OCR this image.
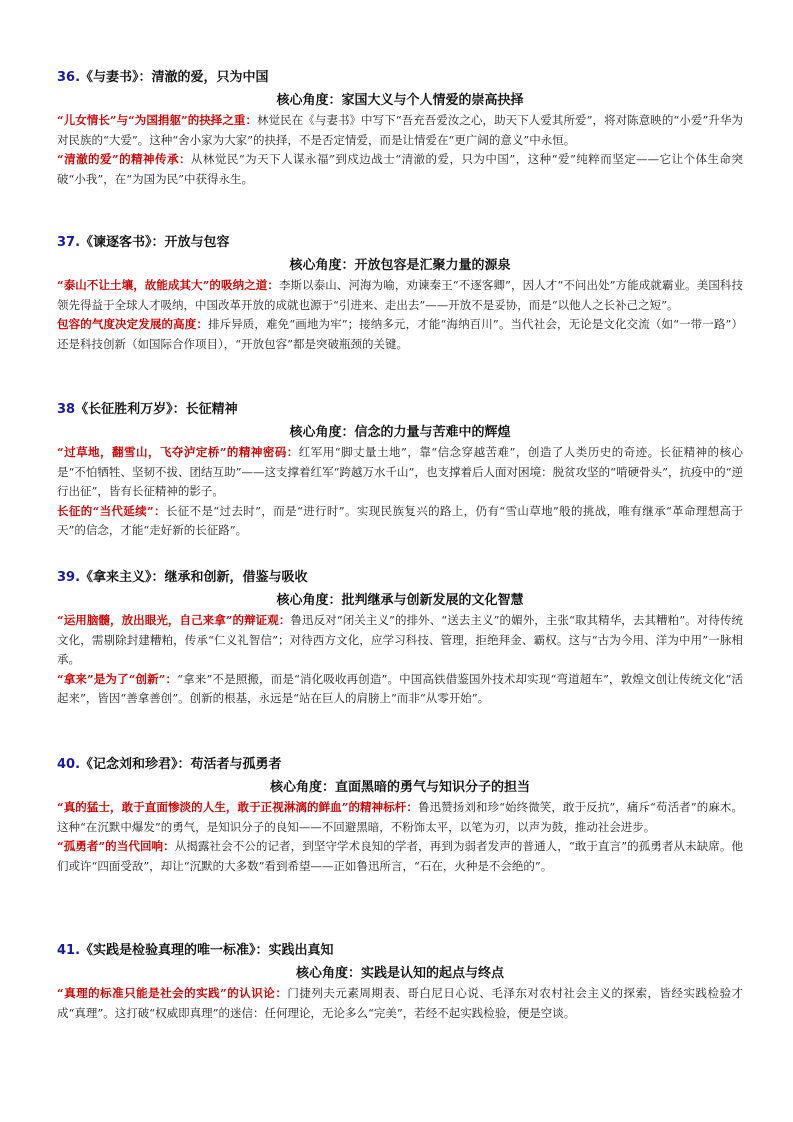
36.《与妻书》：清澈的爱，只为中国
核心角度：家国大义与个人情爱的崇高抉择

“儿女情长”与“为国捐躯”的抉择之重：林觉民在《与妻书》中写下“吾充吾爱汝之心，助天下人爱其所爱”，将对陈意映的“小爱”升华为对民族的“大爱”。这种“舍小家为大家”的抉择，不是否定情爱，而是让情爱在“更广阔的意义”中永恒。

“清澈的爱”的精神传承：从林觉民“为天下人谋永福”到戍边战士“清澈的爱，只为中国”，这种“爱”纯粹而坚定——它让个体生命突破“小我”，在“为国为民”中获得永生。

37.《谏逐客书》：开放与包容
核心角度：开放包容是汇聚力量的源泉

“泰山不让土壤，故能成其大”的吸纳之道：李斯以泰山、河海为喻，劝谏秦王“不逐客卿”，因人才“不问出处”方能成就霸业。美国科技领先得益于全球人才吸纳，中国改革开放的成就也源于“引进来、走出去”——开放不是妥协，而是“以他人之长补己之短”。

包容的气度决定发展的高度：排斥异质，难免“画地为牢”；接纳多元，才能“海纳百川”。当代社会，无论是文化交流（如“一带一路”）还是科技创新（如国际合作项目），“开放包容”都是突破瓶颈的关键。

38《长征胜利万岁》：长征精神
核心角度：信念的力量与苦难中的辉煌

“过草地，翻雪山，飞夺泸定桥”的精神密码：红军用“脚丈量土地”，靠“信念穿越苦难”，创造了人类历史的奇迹。长征精神的核心是“不怕牺牲、坚韧不拔、团结互助”——这支撑着红军“跨越万水千山”，也支撑着后人面对困境：脱贫攻坚的“啃硬骨头”，抗疫中的“逆行出征”，皆有长征精神的影子。

长征的“当代延续”：长征不是“过去时”，而是“进行时”。实现民族复兴的路上，仍有“雪山草地”般的挑战，唯有继承“革命理想高于天”的信念，才能“走好新的长征路”。

39.《拿来主义》：继承和创新，借鉴与吸收
核心角度：批判继承与创新发展的文化智慧

“运用脑髓，放出眼光，自己来拿”的辩证观：鲁迅反对“闭关主义”的排外、“送去主义”的媚外，主张“取其精华，去其糟粕”。对待传统文化，需剔除封建糟粕，传承“仁义礼智信”；对待西方文化，应学习科技、管理，拒绝拜金、霸权。这与“古为今用、洋为中用”一脉相承。

“拿来”是为了“创新”：“拿来”不是照搬，而是“消化吸收再创造”。中国高铁借鉴国外技术却实现“弯道超车”，敦煌文创让传统文化“活起来”，皆因“善拿善创”。创新的根基，永远是“站在巨人的肩膀上”而非“从零开始”。

40.《记念刘和珍君》：苟活者与孤勇者
核心角度：直面黑暗的勇气与知识分子的担当

“真的猛士，敢于直面惨淡的人生，敢于正视淋漓的鲜血”的精神标杆：鲁迅赞扬刘和珍“始终微笑，敢于反抗”，痛斥“苟活者”的麻木。这种“在沉默中爆发”的勇气，是知识分子的良知——不回避黑暗，不粉饰太平，以笔为刃，以声为鼓，推动社会进步。

“孤勇者”的当代回响：从揭露社会不公的记者，到坚守学术良知的学者，再到为弱者发声的普通人，“敢于直言”的孤勇者从未缺席。他们或许“四面受敌”，却让“沉默的大多数”看到希望——正如鲁迅所言，“石在，火种是不会绝的”。

41.《实践是检验真理的唯一标准》：实践出真知
核心角度：实践是认知的起点与终点

“真理的标准只能是社会的实践”的认识论：门捷列夫元素周期表、哥白尼日心说、毛泽东对农村社会主义的探索，皆经实践检验才成“真理”。这打破“权威即真理”的迷信：任何理论，无论多么“完美”，若经不起实践检验，便是空谈。
